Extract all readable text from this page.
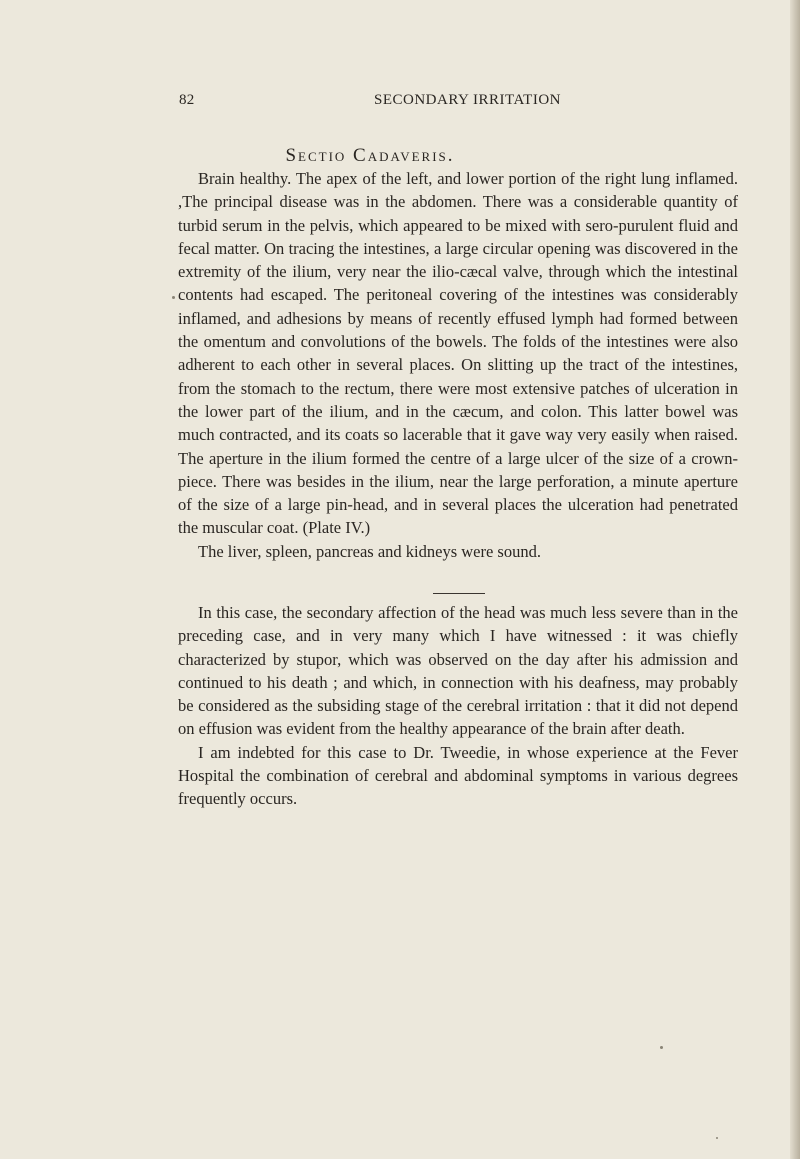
82	SECONDARY IRRITATION
Sectio Cadaveris.

Brain healthy. The apex of the left, and lower portion of the right lung inflamed. ,The principal disease was in the abdomen. There was a considerable quantity of turbid serum in the pelvis, which appeared to be mixed with sero-purulent fluid and fecal matter. On tracing the intestines, a large circular opening was discovered in the extremity of the ilium, very near the ilio-cæcal valve, through which the intestinal contents had escaped. The peritoneal covering of the intestines was considerably inflamed, and adhesions by means of recently effused lymph had formed between the omentum and convolutions of the bowels. The folds of the intestines were also adherent to each other in several places. On slitting up the tract of the intestines, from the stomach to the rectum, there were most extensive patches of ulceration in the lower part of the ilium, and in the cæcum, and colon. This latter bowel was much contracted, and its coats so lacerable that it gave way very easily when raised. The aperture in the ilium formed the centre of a large ulcer of the size of a crown-piece. There was besides in the ilium, near the large perforation, a minute aperture of the size of a large pin-head, and in several places the ulceration had penetrated the muscular coat. (Plate IV.)

The liver, spleen, pancreas and kidneys were sound.

In this case, the secondary affection of the head was much less severe than in the preceding case, and in very many which I have witnessed : it was chiefly characterized by stupor, which was observed on the day after his admission and continued to his death ; and which, in connection with his deafness, may probably be considered as the subsiding stage of the cerebral irritation : that it did not depend on effusion was evident from the healthy appearance of the brain after death.

I am indebted for this case to Dr. Tweedie, in whose experience at the Fever Hospital the combination of cerebral and abdominal symptoms in various degrees frequently occurs.
